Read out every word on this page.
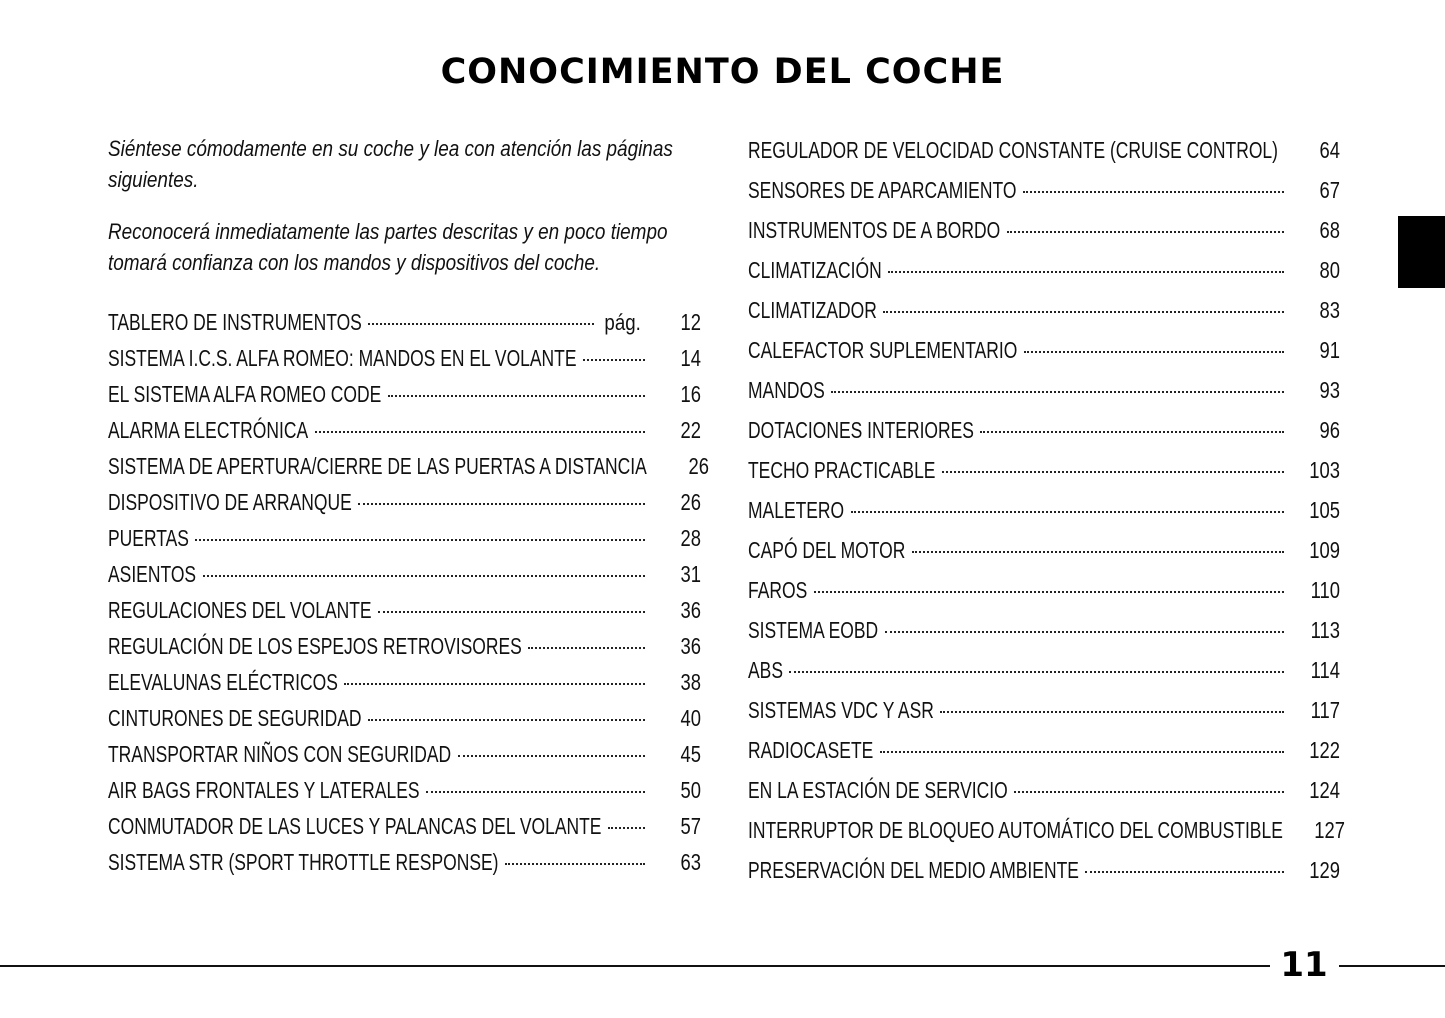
CONOCIMIENTO DEL COCHE

Siéntese cómodamente en su coche y lea con atención las páginas siguientes.

Reconocerá inmediatamente las partes descritas y en poco tiempo tomará confianza con los mandos y dispositivos del coche.

TABLERO DE INSTRUMENTOS	pág.	12
SISTEMA I.C.S. ALFA ROMEO: MANDOS EN EL VOLANTE	14
EL SISTEMA ALFA ROMEO CODE	16
ALARMA ELECTRÓNICA	22
SISTEMA DE APERTURA/CIERRE DE LAS PUERTAS A DISTANCIA	26
DISPOSITIVO DE ARRANQUE	26
PUERTAS	28
ASIENTOS	31
REGULACIONES DEL VOLANTE	36
REGULACIÓN DE LOS ESPEJOS RETROVISORES	36
ELEVALUNAS ELÉCTRICOS	38
CINTURONES DE SEGURIDAD	40
TRANSPORTAR NIÑOS CON SEGURIDAD	45
AIR BAGS FRONTALES Y LATERALES	50
CONMUTADOR DE LAS LUCES Y PALANCAS DEL VOLANTE	57
SISTEMA STR (SPORT THROTTLE RESPONSE)	63
REGULADOR DE VELOCIDAD CONSTANTE (CRUISE CONTROL)	64
SENSORES DE APARCAMIENTO	67
INSTRUMENTOS DE A BORDO	68
CLIMATIZACIÓN	80
CLIMATIZADOR	83
CALEFACTOR SUPLEMENTARIO	91
MANDOS	93
DOTACIONES INTERIORES	96
TECHO PRACTICABLE	103
MALETERO	105
CAPÓ DEL MOTOR	109
FAROS	110
SISTEMA EOBD	113
ABS	114
SISTEMAS VDC Y ASR	117
RADIOCASETE	122
EN LA ESTACIÓN DE SERVICIO	124
INTERRUPTOR DE BLOQUEO AUTOMÁTICO DEL COMBUSTIBLE	127
PRESERVACIÓN DEL MEDIO AMBIENTE	129
11
